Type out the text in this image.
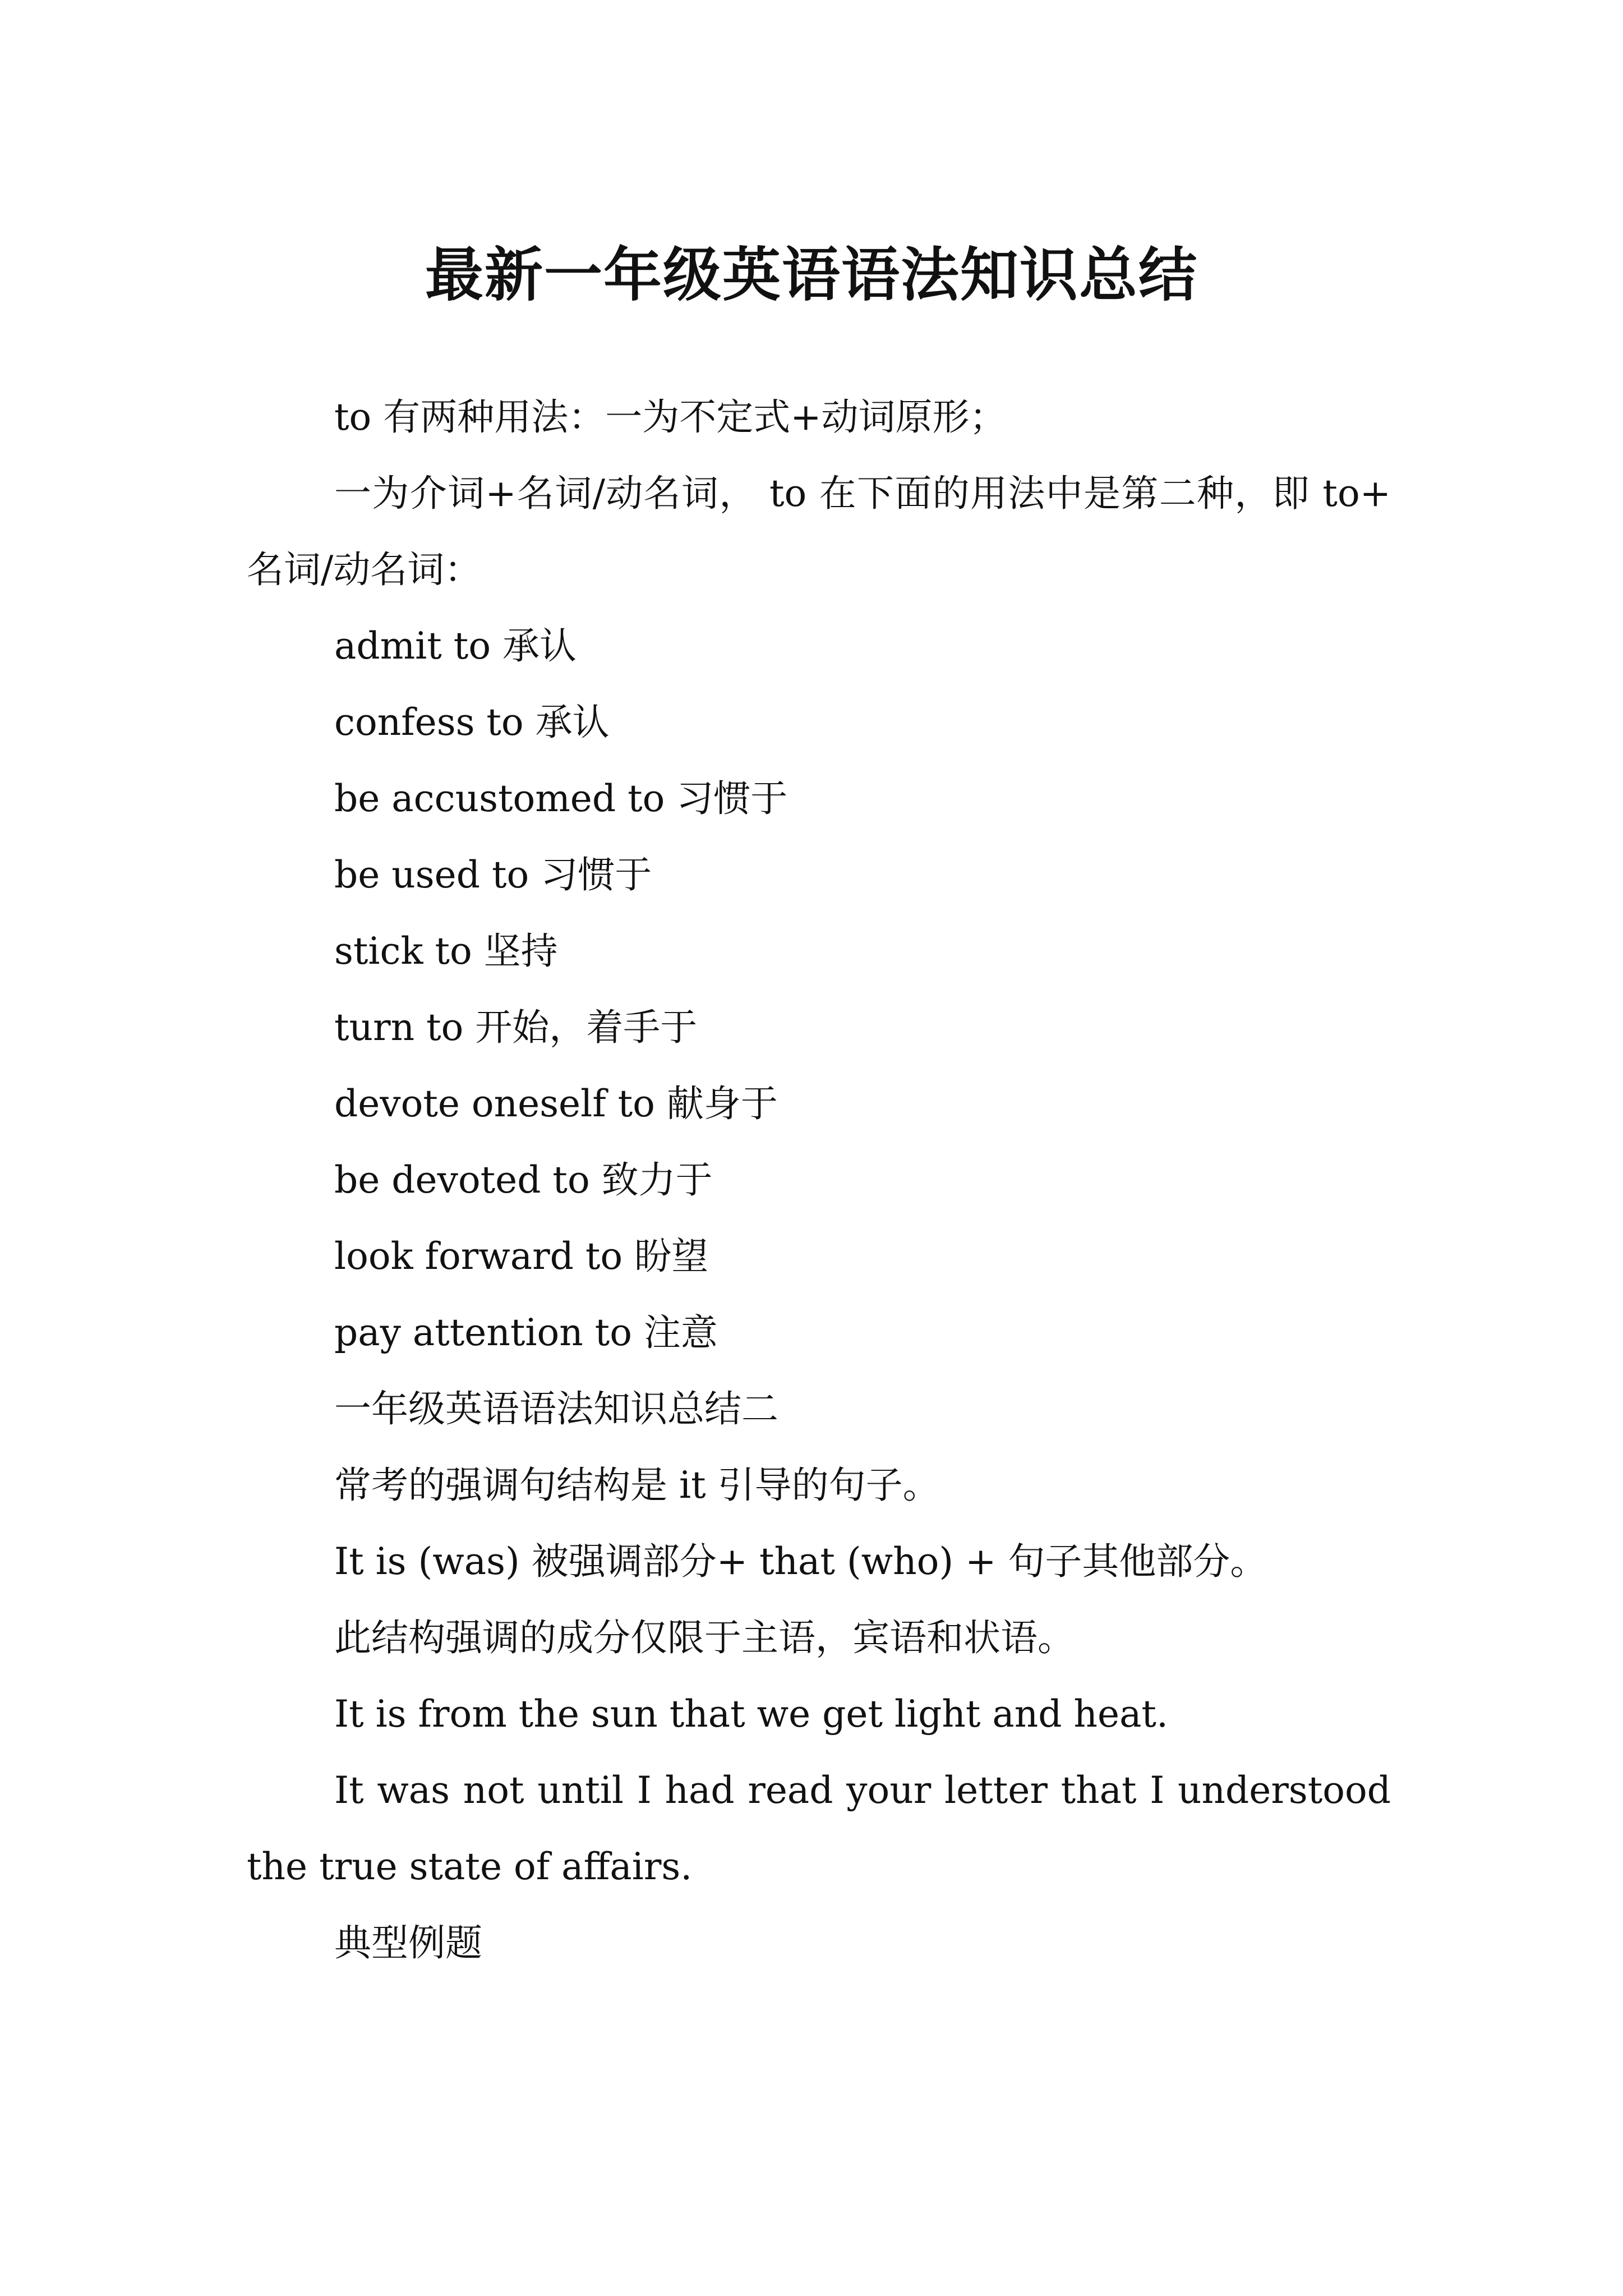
最新一年级英语语法知识总结

to 有两种用法：一为不定式+动词原形；

一为介词+名词/动名词， to 在下面的用法中是第二种，即 to+ 名词/动名词：

admit to 承认

confess to 承认

be accustomed to 习惯于

be used to 习惯于

stick to 坚持

turn to 开始，着手于

devote oneself to 献身于

be devoted to 致力于

look forward to 盼望

pay attention to 注意

一年级英语语法知识总结二

常考的强调句结构是 it 引导的句子。

It is (was) 被强调部分+ that (who) + 句子其他部分。

此结构强调的成分仅限于主语，宾语和状语。

It is from the sun that we get light and heat.

It was not until I had read your letter that I understood the true state of affairs.

典型例题
